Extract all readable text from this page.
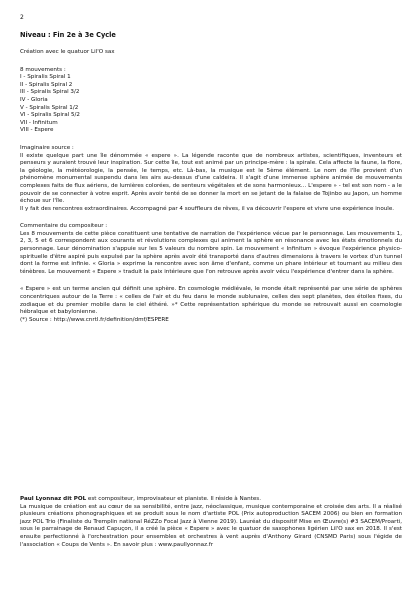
2
Niveau : Fin 2e à 3e Cycle

Création avec le quatuor Lil'O sax

8 mouvements :
I - Spiralis Spiral 1
II - Spiralis Spiral 2
III - Spiralis Spiral 3/2
IV - Gloria
V - Spiralis Spiral 1/2
VI - Spiralis Spiral 5/2
VII - Infinitum
VIII - Espere

Imaginaire source :

Il existe quelque part une île dénommée « espere ». La légende raconte que de nombreux artistes, scientifiques, inventeurs et penseurs y auraient trouvé leur inspiration. Sur cette île, tout est animé par un principe-mère : la spirale. Cela affecte la faune, la flore, la géologie, la météorologie, la pensée, le temps, etc. Là-bas, la musique est le 5ème élément. Le nom de l'île provient d'un phénomène monumental suspendu dans les airs au-dessus d'une caldeira. Il s'agit d'une immense sphère animée de mouvements complexes faits de flux aériens, de lumières colorées, de senteurs végétales et de sons harmonieux... L'espere » - tel est son nom - a le pouvoir de se connecter à votre esprit. Après avoir tenté de se donner la mort en se jetant de la falaise de Tojinbo au Japon, un homme échoue sur l'île.

Il y fait des rencontres extraordinaires. Accompagné par 4 souffleurs de rêves, il va découvrir l'espere et vivre une expérience inouïe.

Commentaire du compositeur :

Les 8 mouvements de cette pièce constituent une tentative de narration de l'expérience vécue par le personnage. Les mouvements 1, 2, 3, 5 et 6 correspondent aux courants et révolutions complexes qui animent la sphère en résonance avec les états émotionnels du personnage. Leur dénomination s'appuie sur les 5 valeurs du nombre spin. Le mouvement « Infinitum » évoque l'expérience physico-spirituelle d'être aspiré puis expulsé par la sphère après avoir été transporté dans d'autres dimensions à travers le vortex d'un tunnel dont la forme est infinie. « Gloria » exprime la rencontre avec son âme d'enfant, comme un phare intérieur et tournant au milieu des ténèbres. Le mouvement « Espere » traduit la paix intérieure que l'on retrouve après avoir vécu l'expérience d'entrer dans la sphère.

« Espere » est un terme ancien qui définit une sphère. En cosmologie médiévale, le monde était représenté par une série de sphères concentriques autour de la Terre : « celles de l'air et du feu dans le monde sublunaire, celles des sept planètes, des étoiles fixes, du zodiaque et du premier mobile dans le ciel éthéré. »* Cette représentation sphérique du monde se retrouvait aussi en cosmologie hébraïque et babylonienne.

(*) Source : http://www.cnrtl.fr/definition/dmf/ESPERE

Paul Lyonnaz dit POL est compositeur, improvisateur et pianiste. Il réside à Nantes.

La musique de création est au cœur de sa sensibilité, entre jazz, néoclassique, musique contemporaine et croisée des arts. Il a réalisé plusieurs créations phonographiques et se produit sous le nom d'artiste POL (Prix autoproduction SACEM 2006) ou bien en formation jazz POL Trio (Finaliste du Tremplin national RéZZo Focal Jazz à Vienne 2019). Lauréat du dispositif Mise en Œuvre(s) #3 SACEM/Proarti, sous le parrainage de Renaud Capuçon, il a créé la pièce « Espere » avec le quatuor de saxophones ligérien Lil'O sax en 2018. Il s'est ensuite perfectionné à l'orchestration pour ensembles et orchestres à vent auprès d'Anthony Girard (CNSMD Paris) sous l'égide de l'association « Coups de Vents ». En savoir plus : www.paullyonnaz.fr
